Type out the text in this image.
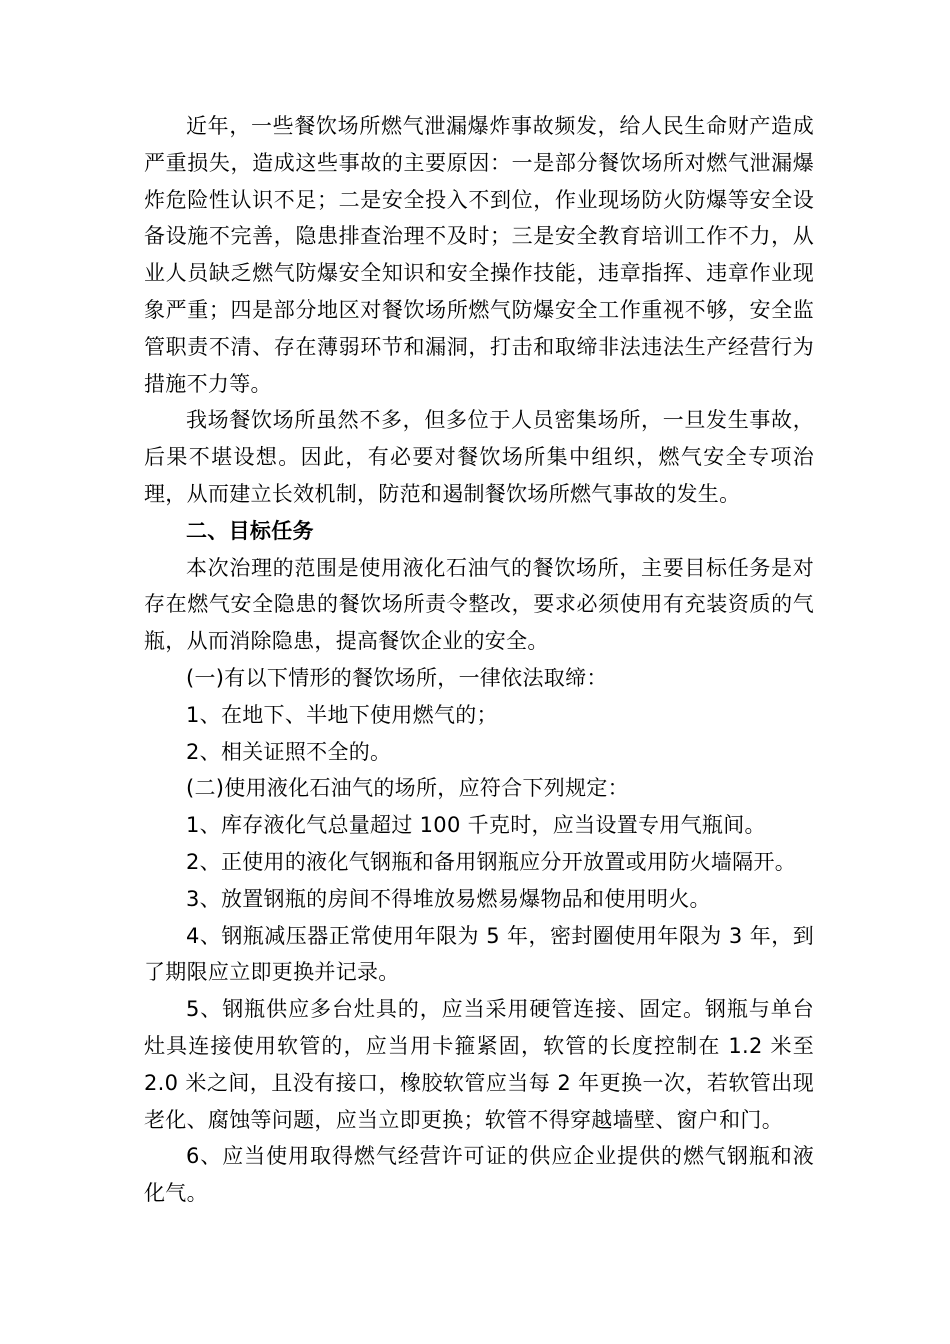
近年，一些餐饮场所燃气泄漏爆炸事故频发，给人民生命财产造成严重损失，造成这些事故的主要原因：一是部分餐饮场所对燃气泄漏爆炸危险性认识不足；二是安全投入不到位，作业现场防火防爆等安全设备设施不完善，隐患排查治理不及时；三是安全教育培训工作不力，从业人员缺乏燃气防爆安全知识和安全操作技能，违章指挥、违章作业现象严重；四是部分地区对餐饮场所燃气防爆安全工作重视不够，安全监管职责不清、存在薄弱环节和漏洞，打击和取缔非法违法生产经营行为措施不力等。

我场餐饮场所虽然不多，但多位于人员密集场所，一旦发生事故，后果不堪设想。因此，有必要对餐饮场所集中组织，燃气安全专项治理，从而建立长效机制，防范和遏制餐饮场所燃气事故的发生。

二、目标任务

本次治理的范围是使用液化石油气的餐饮场所，主要目标任务是对存在燃气安全隐患的餐饮场所责令整改，要求必须使用有充装资质的气瓶，从而消除隐患，提高餐饮企业的安全。

(一)有以下情形的餐饮场所，一律依法取缔：

1、在地下、半地下使用燃气的；

2、相关证照不全的。

(二)使用液化石油气的场所，应符合下列规定：

1、库存液化气总量超过 100 千克时，应当设置专用气瓶间。

2、正使用的液化气钢瓶和备用钢瓶应分开放置或用防火墙隔开。

3、放置钢瓶的房间不得堆放易燃易爆物品和使用明火。

4、钢瓶减压器正常使用年限为 5 年，密封圈使用年限为 3 年，到了期限应立即更换并记录。

5、钢瓶供应多台灶具的，应当采用硬管连接、固定。钢瓶与单台灶具连接使用软管的，应当用卡箍紧固，软管的长度控制在 1.2 米至 2.0 米之间，且没有接口，橡胶软管应当每 2 年更换一次，若软管出现老化、腐蚀等问题，应当立即更换；软管不得穿越墙壁、窗户和门。

6、应当使用取得燃气经营许可证的供应企业提供的燃气钢瓶和液化气。
